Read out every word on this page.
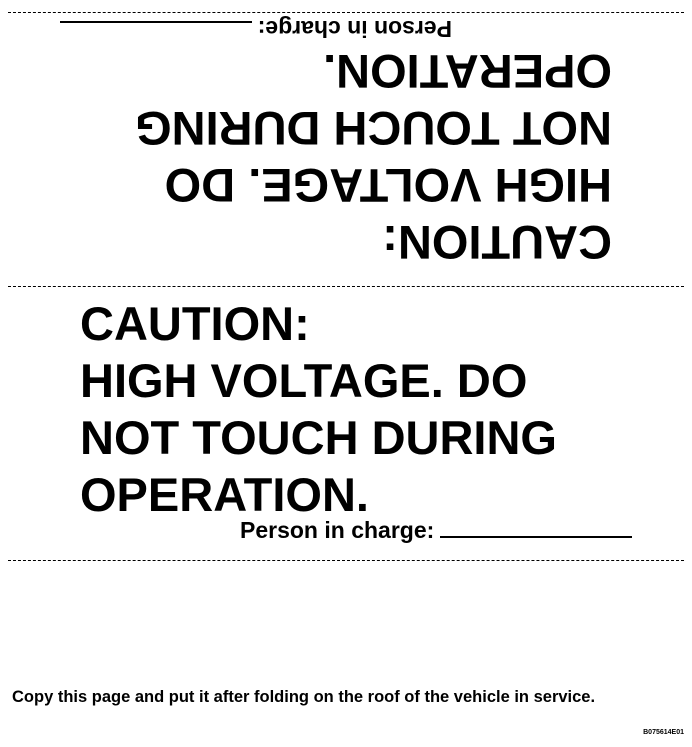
CAUTION:
HIGH VOLTAGE. DO
NOT TOUCH DURING
OPERATION.
Person in charge:
CAUTION:
HIGH VOLTAGE. DO
NOT TOUCH DURING
OPERATION.
Person in charge:

Copy this page and put it after folding on the roof of the vehicle in service.

B075614E01
